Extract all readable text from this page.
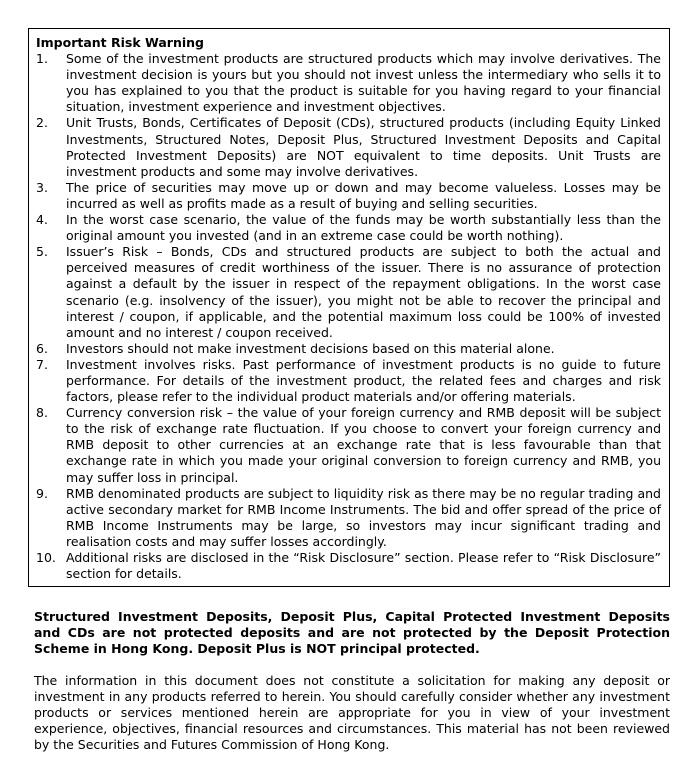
Important Risk Warning

1.	Some of the investment products are structured products which may involve derivatives. The investment decision is yours but you should not invest unless the intermediary who sells it to you has explained to you that the product is suitable for you having regard to your financial situation, investment experience and investment objectives.
2.	Unit Trusts, Bonds, Certificates of Deposit (CDs), structured products (including Equity Linked Investments, Structured Notes, Deposit Plus, Structured Investment Deposits and Capital Protected Investment Deposits) are NOT equivalent to time deposits. Unit Trusts are investment products and some may involve derivatives.
3.	The price of securities may move up or down and may become valueless. Losses may be incurred as well as profits made as a result of buying and selling securities.
4.	In the worst case scenario, the value of the funds may be worth substantially less than the original amount you invested (and in an extreme case could be worth nothing).
5.	Issuer’s Risk – Bonds, CDs and structured products are subject to both the actual and perceived measures of credit worthiness of the issuer. There is no assurance of protection against a default by the issuer in respect of the repayment obligations. In the worst case scenario (e.g. insolvency of the issuer), you might not be able to recover the principal and interest / coupon, if applicable, and the potential maximum loss could be 100% of invested amount and no interest / coupon received.
6.	Investors should not make investment decisions based on this material alone.
7.	Investment involves risks. Past performance of investment products is no guide to future performance. For details of the investment product, the related fees and charges and risk factors, please refer to the individual product materials and/or offering materials.
8.	Currency conversion risk – the value of your foreign currency and RMB deposit will be subject to the risk of exchange rate fluctuation. If you choose to convert your foreign currency and RMB deposit to other currencies at an exchange rate that is less favourable than that exchange rate in which you made your original conversion to foreign currency and RMB, you may suffer loss in principal.
9.	RMB denominated products are subject to liquidity risk as there may be no regular trading and active secondary market for RMB Income Instruments. The bid and offer spread of the price of RMB Income Instruments may be large, so investors may incur significant trading and realisation costs and may suffer losses accordingly.
10. Additional risks are disclosed in the “Risk Disclosure” section. Please refer to “Risk Disclosure” section for details.

Structured Investment Deposits, Deposit Plus, Capital Protected Investment Deposits and CDs are not protected deposits and are not protected by the Deposit Protection Scheme in Hong Kong. Deposit Plus is NOT principal protected.

The information in this document does not constitute a solicitation for making any deposit or investment in any products referred to herein. You should carefully consider whether any investment products or services mentioned herein are appropriate for you in view of your investment experience, objectives, financial resources and circumstances. This material has not been reviewed by the Securities and Futures Commission of Hong Kong.
